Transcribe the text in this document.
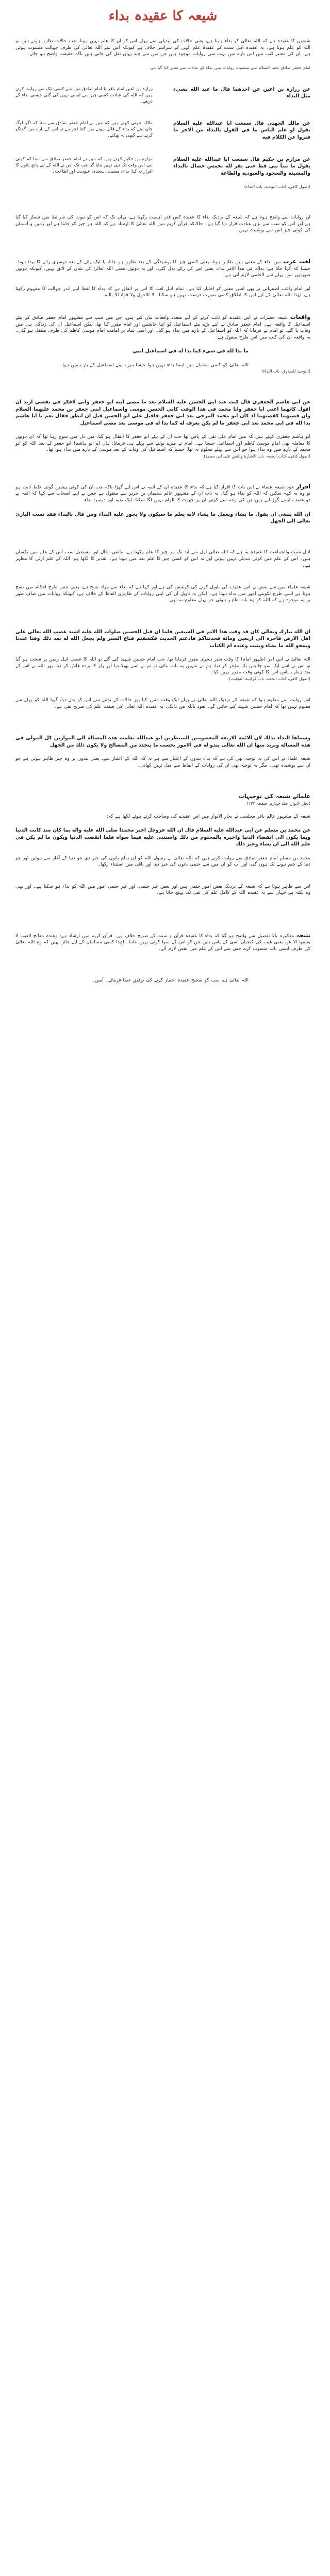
شیعہ کا عقیدہ بداء
شیعوں کا عقیدہ ہے کہ اللہ تعالیٰ کو بداء ہوتا ہے، یعنی حالات کی تبدیلی سے پہلے اس کو ان کا علم نہیں ہوتا، جب حالات ظاہر ہوتے ہیں تو اللہ کو علم ہوتا ہے۔ یہ عقیدہ اہل سنت کے عقیدۂ علم الٰہی کے سراسر خلاف ہے کیونکہ اس سے اللہ تعالیٰ کی طرف جہالت منسوب ہوتی ہے۔ ان کی معتبر کتب میں اس بارے میں بہت سی روایات موجود ہیں جن میں سے چند یہاں نقل کی جاتی ہیں تاکہ حقیقت واضح ہو جائے۔
امام جعفر صادق علیہ السلام سے منسوب روایات میں بداء کو عبادت سے تعبیر کیا گیا ہے۔
عن زرارة بن اعين عن احدهما قال ما عبد الله بشيء مثل البداء
زرارہ بن اعین امام باقر یا امام صادق میں سے کسی ایک سے روایت کرتے ہیں کہ اللہ کی عبادت کسی چیز سے ایسی نہیں کی گئی جیسی بداء کے ذریعے۔
عن مالك الجهني قال سمعت ابا عبدالله عليه السلام يقول لو علم الناس ما في القول بالبداء من الاجر ما فتروا عن الكلام فيه
مالک جہنی کہتے ہیں کہ میں نے امام جعفر صادق سے سنا کہ اگر لوگ جان لیتے کہ بداء کے قائل ہونے میں کتنا اجر ہے تو اس کے بارے میں گفتگو کرنے سے کبھی نہ تھکتے۔
عن مرازم بن حكيم قال سمعت ابا عبدالله عليه السلام يقول ما تنبأ نبي قط حتى يقر لله بخمس خصال بالبداء والمشيئة والسجود والعبودية والطاعة
مرازم بن حکیم کہتے ہیں کہ میں نے امام جعفر صادق سے سنا کہ کوئی نبی اس وقت تک نبی نہیں بنایا گیا جب تک اس نے اللہ کے لیے پانچ باتوں کا اقرار نہ کیا: بداء، مشیت، سجدہ، عبودیت اور اطاعت۔
(اصول کافی، کتاب التوحید، باب البداء)
ان روایات سے واضح ہوتا ہے کہ شیعہ کے نزدیک بداء کا عقیدہ کس قدر اہمیت رکھتا ہے، یہاں تک کہ اس کو نبوت کی شرائط میں شمار کیا گیا ہے اور اس کو سب سے بڑی عبادت قرار دیا گیا ہے۔ حالانکہ قرآن کریم میں اللہ تعالیٰ کا ارشاد ہے کہ اللہ ہر چیز کو جانتا ہے اور زمین و آسمان کی کوئی چیز اس سے پوشیدہ نہیں۔
لغت عرب میں بداء کے معنی ہیں ظاہر ہونا، یعنی کسی چیز کا پوشیدگی کے بعد ظاہر ہو جانا، یا ایک رائے کے بعد دوسری رائے کا پیدا ہونا۔ جیسا کہ کہا جاتا ہے: بدالہ فی هذا الامر بداء، یعنی اس کی رائے بدل گئی۔ اور یہ دونوں معنی اللہ تعالیٰ کی شان کے لائق نہیں، کیونکہ دونوں صورتوں میں پہلے سے لاعلمی لازم آتی ہے۔
اور امام راغب اصفہانی نے بھی اسی معنی کو اختیار کیا ہے۔ تمام اہل لغت کا اس پر اتفاق ہے کہ بداء کا لفظ اپنے اندر جہالت کا مفہوم رکھتا ہے، لہٰذا اللہ تعالیٰ کے لیے اس کا اطلاق کسی صورت درست نہیں ہو سکتا۔ لا الاحول ولا قوۃ الا باللہ۔
واقعات شیعہ حضرات نے اس عقیدے کو ثابت کرنے کے لیے متعدد واقعات بیان کیے ہیں، جن میں سب سے مشہور امام جعفر صادق کے بیٹے اسماعیل کا واقعہ ہے۔ امام جعفر صادق نے اپنے بڑے بیٹے اسماعیل کو اپنا جانشین اور امام مقرر کیا تھا، لیکن اسماعیل ان کی زندگی ہی میں وفات پا گئے، تو امام نے فرمایا کہ اللہ کو اسماعیل کے بارے میں بداء ہو گیا۔ اور اسی بنیاد پر امامت امام موسیٰ کاظم کی طرف منتقل ہو گئی۔ یہ واقعہ ان کی کتب میں اس طرح منقول ہے:
ما بدا لله في شيء كما بدا له في اسماعيل ابني
اللہ تعالیٰ کو کسی معاملے میں ایسا بداء نہیں ہوا جیسا میرے بیٹے اسماعیل کے بارے میں ہوا۔
(التوحید للصدوق، باب البداء)
عن ابي هاشم الجعفري قال كنت عند ابي الحسن عليه السلام بعد ما مضى ابنه ابو جعفر واني لافكر في نفسي اريد ان اقول كانهما اعني ابا جعفر وابا محمد في هذا الوقت كابي الحسن موسى واسماعيل ابني جعفر بن محمد عليهما السلام وان قصتهما كقصتهما اذ كان ابو محمد المرجى بعد ابي جعفر فاقبل علي ابو الحسن قبل ان انطق فقال نعم يا ابا هاشم بدا لله في ابي محمد بعد ابي جعفر ما لم يكن يعرف له كما بدا له في موسى بعد مضي اسماعيل
ابو ہاشم جعفری کہتے ہیں کہ میں امام علی نقی کے پاس تھا جب ان کے بیٹے ابو جعفر کا انتقال ہو گیا، میں دل میں سوچ رہا تھا کہ ان دونوں کا معاملہ بھی امام موسیٰ کاظم اور اسماعیل جیسا ہے۔ امام نے میرے بولنے سے پہلے ہی فرمایا: ہاں اے ابو ہاشم! ابو جعفر کے بعد اللہ کو ابو محمد کے بارے میں وہ بداء ہوا جو اس سے پہلے معلوم نہ تھا، جیسا کہ اسماعیل کی وفات کے بعد موسیٰ کے بارے میں بداء ہوا تھا۔
(اصول کافی، کتاب الحجہ، باب الاشارۃ والنص علی ابی محمد)
اقرار خود شیعہ علماء نے اس بات کا اقرار کیا ہے کہ بداء کا عقیدہ ان کے ائمہ نے اس لیے گھڑا تاکہ جب ان کی کوئی پیشین گوئی غلط ثابت ہو تو وہ یہ کہہ سکیں کہ اللہ کو بداء ہو گیا۔ یہ بات ان کے مشہور عالم سلیمان بن جریر سے منقول ہے جس نے اپنے اصحاب سے کہا کہ ائمہ نے دو عقیدے ایسے گھڑ لیے ہیں جن کی وجہ سے کوئی ان پر جھوٹ کا الزام نہیں لگا سکتا: ایک تقیہ اور دوسرا بداء۔
ان الله ينبغي ان يقول ما يشاء ويعمل ما يشاء لانه يعلم ما سيكون ولا يجوز عليه البداء ومن قال بالبداء فقد نسب البارئ تعالى الى الجهل
اہل سنت والجماعت کا عقیدہ یہ ہے کہ اللہ تعالیٰ ازل سے ابد تک ہر چیز کا علم رکھتا ہے، ماضی، حال اور مستقبل سب اس کے علم میں یکساں ہیں۔ اس کے علم میں کوئی تبدیلی نہیں ہوتی اور نہ اس کو کسی چیز کا علم بعد میں ہوتا ہے۔ تقدیر کا لکھا ہوا اللہ کے علم ازلی کا مظہر ہے۔
شیعہ علماء میں سے بعض نے اس عقیدے کی تاویل کرنے کی کوشش کی ہے اور کہا ہے کہ بداء سے مراد نسخ ہے، یعنی جس طرح احکام میں نسخ ہوتا ہے اسی طرح تکوینی امور میں بداء ہوتا ہے۔ لیکن یہ تاویل ان کی اپنی روایات کے ظاہری الفاظ کے خلاف ہے، کیونکہ روایات میں صاف طور پر یہ موجود ہے کہ اللہ کو وہ بات ظاہر ہوئی جو پہلے معلوم نہ تھی۔
ان الله تبارك وتعالى كان قد وقت هذا الامر في السبعين فلما ان قتل الحسين صلوات الله عليه اشتد غضب الله تعالى على اهل الارض فاخره الى اربعين ومائة فحدثناكم فاذعتم الحديث فكشفتم قناع الستر ولم يجعل الله له بعد ذلك وقتا عندنا ويمحو الله ما يشاء ويثبت وعنده ام الكتاب
اللہ تعالیٰ نے اس امر (ظہور امام) کا وقت ستر ہجری مقرر فرمایا تھا، جب امام حسین شہید کیے گئے تو اللہ کا غضب اہل زمین پر سخت ہو گیا تو اس نے اسے ایک سو چالیس تک مؤخر کر دیا، ہم نے تمہیں یہ بات بتائی تو تم نے اسے پھیلا دیا اور راز کا پردہ فاش کر دیا، پھر اللہ نے اس کے بعد ہمارے پاس اس کا کوئی وقت مقرر نہیں کیا۔
(اصول کافی، کتاب الحجہ، باب کراہیۃ التوقیت)
اس روایت سے معلوم ہوا کہ شیعہ کے نزدیک اللہ تعالیٰ نے پہلے ایک وقت مقرر کیا پھر حالات کے بدلنے سے اس کو بدل دیا، گویا اللہ کو پہلے سے معلوم نہیں تھا کہ امام حسین شہید کیے جائیں گے۔ نعوذ باللہ من ذالک۔ یہ عقیدہ اللہ تعالیٰ کی صفت علم کی صریح نفی ہے۔
وسماها البداء بذلك لان الائمة الاربعة المعصومين المنتظرين ابو عبدالله تعلمت هذه المسالة الى الموازين كل المولى في هذه المسالة ويريد منها ان الله تعالى يبدو له في الامور بحسب ما يتجدد من المصالح ولا يكون ذلك من الجهل
شیعہ علماء نے اس کی یہ توجیہ بھی کی ہے کہ بداء بندوں کے اعتبار سے ہے نہ کہ اللہ کے اعتبار سے، یعنی بندوں پر وہ چیز ظاہر ہوتی ہے جو ان سے پوشیدہ تھی۔ مگر یہ توجیہ بھی ان کی روایات کے الفاظ سے میل نہیں کھاتی۔
علمائے شیعہ کی توجیہات
(بحار الانوار، جلد چہارم، صفحہ ۱۲۳)
شیعہ کے مشہور عالم باقر مجلسی نے بحار الانوار میں اس عقیدے کی وضاحت کرتے ہوئے لکھا ہے کہ:
عن محمد بن مسلم عن ابي عبدالله عليه السلام قال ان الله عزوجل اخبر محمدا صلى الله عليه واله بما كان منذ كانت الدنيا وبما يكون الى انقضاء الدنيا واخبره بالمحتوم من ذلك واستثنى عليه فيما سواه فلما انقضت الدنيا ويكون ما لم يكن في علم الله الى ان يشاء وغير ذلك
محمد بن مسلم امام جعفر صادق سے روایت کرتے ہیں کہ اللہ تعالیٰ نے رسول اللہ کو ان تمام باتوں کی خبر دی جو دنیا کے آغاز سے ہوئیں اور جو دنیا کے ختم ہونے تک ہوں گی، اور آپ کو ان میں سے حتمی باتوں کی خبر دی اور باقی میں استثناء رکھا۔
اس سے ظاہر ہوتا ہے کہ شیعہ کے نزدیک بعض امور حتمی ہیں اور بعض غیر حتمی، اور غیر حتمی امور میں اللہ کو بداء ہو سکتا ہے۔ اور یہی وہ نکتہ ہے جہاں سے یہ عقیدہ اللہ کے کامل علم کی نفی تک پہنچ جاتا ہے۔
نتیجہ مذکورہ بالا تفصیل سے واضح ہو گیا کہ بداء کا عقیدہ قرآن و سنت کے صریح خلاف ہے۔ قرآن کریم میں ارشاد ہے: وعندہ مفاتح الغیب لا یعلمھا الا ھو، یعنی غیب کی کنجیاں اسی کے پاس ہیں جن کو اس کے سوا کوئی نہیں جانتا۔ لہٰذا کسی مسلمان کے لیے جائز نہیں کہ وہ اللہ تعالیٰ کی طرف ایسی بات منسوب کرے جس سے اس کے علم میں نقص لازم آئے۔
اللہ تعالیٰ ہم سب کو صحیح عقیدہ اختیار کرنے کی توفیق عطا فرمائے۔ آمین۔
